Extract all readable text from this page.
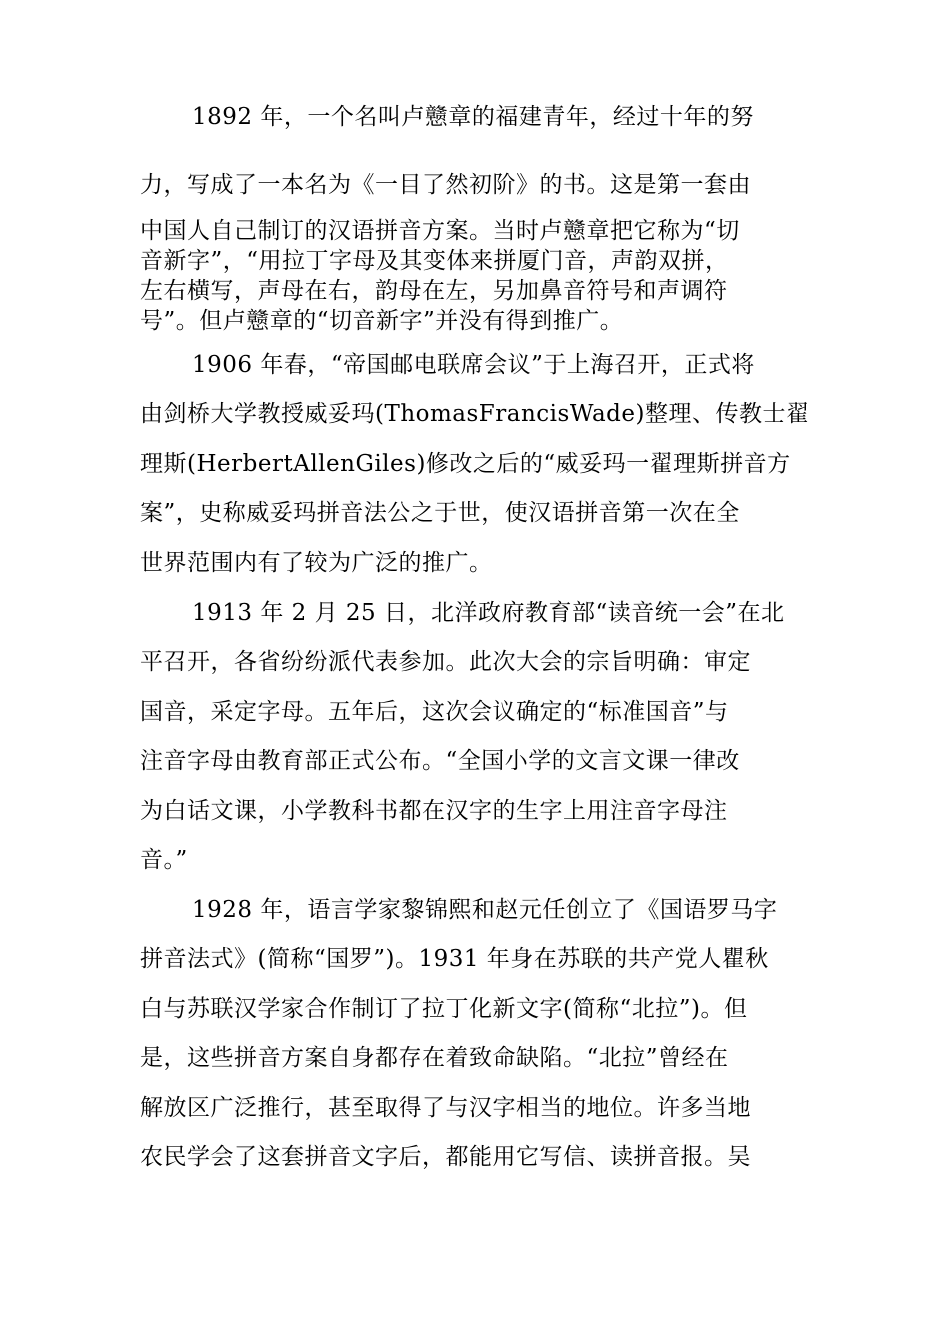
1892 年，一个名叫卢戆章的福建青年，经过十年的努
力，写成了一本名为《一目了然初阶》的书。这是第一套由
中国人自己制订的汉语拼音方案。当时卢戆章把它称为“切
音新字”，“用拉丁字母及其变体来拼厦门音，声韵双拼，
左右横写，声母在右，韵母在左，另加鼻音符号和声调符
号”。但卢戆章的“切音新字”并没有得到推广。
1906 年春，“帝国邮电联席会议”于上海召开，正式将
由剑桥大学教授威妥玛(ThomasFrancisWade)整理、传教士翟
理斯(HerbertAllenGiles)修改之后的“威妥玛一翟理斯拼音方
案”，史称威妥玛拼音法公之于世，使汉语拼音第一次在全
世界范围内有了较为广泛的推广。
1913 年 2 月 25 日，北洋政府教育部“读音统一会”在北
平召开，各省纷纷派代表参加。此次大会的宗旨明确：审定
国音，采定字母。五年后，这次会议确定的“标准国音”与
注音字母由教育部正式公布。“全国小学的文言文课一律改
为白话文课，小学教科书都在汉字的生字上用注音字母注
音。”
1928 年，语言学家黎锦熙和赵元任创立了《国语罗马字
拼音法式》(简称“国罗”)。1931 年身在苏联的共产党人瞿秋
白与苏联汉学家合作制订了拉丁化新文字(简称“北拉”)。但
是，这些拼音方案自身都存在着致命缺陷。“北拉”曾经在
解放区广泛推行，甚至取得了与汉字相当的地位。许多当地
农民学会了这套拼音文字后，都能用它写信、读拼音报。吴
